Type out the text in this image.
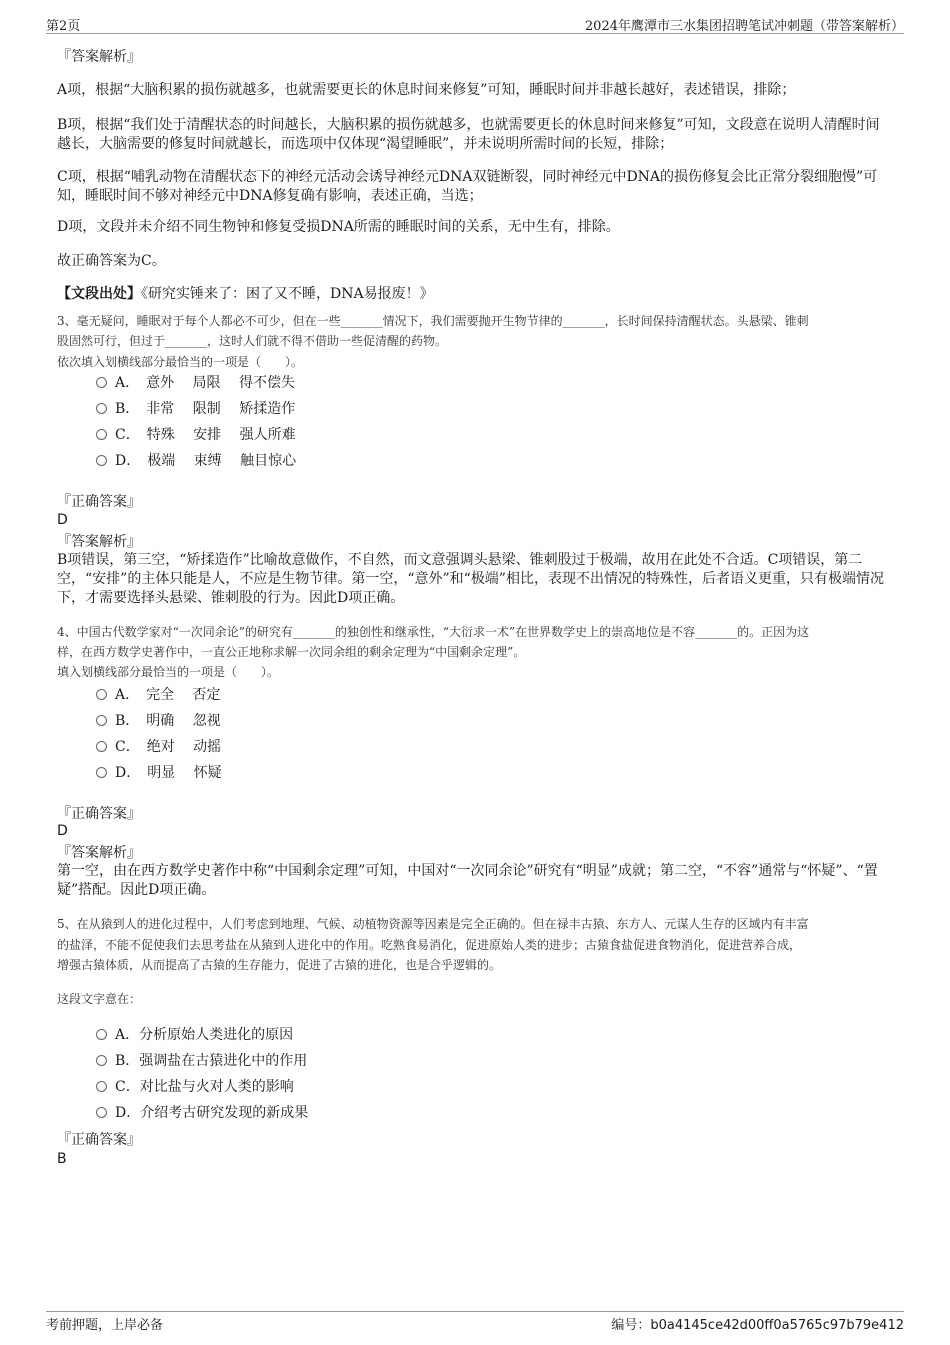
第2页	2024年鹰潭市三水集团招聘笔试冲刺题（带答案解析）
『答案解析』

A项，根据“大脑积累的损伤就越多，也就需要更长的休息时间来修复”可知，睡眠时间并非越长越好，表述错误，排除；

B项，根据“我们处于清醒状态的时间越长，大脑积累的损伤就越多，也就需要更长的休息时间来修复”可知，文段意在说明人清醒时间越长，大脑需要的修复时间就越长，而选项中仅体现“渴望睡眠”，并未说明所需时间的长短，排除；

C项，根据“哺乳动物在清醒状态下的神经元活动会诱导神经元DNA双链断裂，同时神经元中DNA的损伤修复会比正常分裂细胞慢”可知，睡眠时间不够对神经元中DNA修复确有影响，表述正确，当选；

D项，文段并未介绍不同生物钟和修复受损DNA所需的睡眠时间的关系，无中生有，排除。

故正确答案为C。

【文段出处】《研究实锤来了：困了又不睡，DNA易报废！》

3、毫无疑问，睡眠对于每个人都必不可少，但在一些_______情况下，我们需要抛开生物节律的_______，长时间保持清醒状态。头悬梁、锥刺

股固然可行，但过于_______，这时人们就不得不借助一些促清醒的药物。

依次填入划横线部分最恰当的一项是（　　）。

A．　意外　 局限　 得不偿失
B．　非常　 限制　 矫揉造作
C．　特殊　 安排　 强人所难
D．　极端　 束缚　 触目惊心
『正确答案』
D
『答案解析』

B项错误，第三空，“矫揉造作”比喻故意做作，不自然，而文意强调头悬梁、锥刺股过于极端，故用在此处不合适。C项错误，第二空，“安排”的主体只能是人，不应是生物节律。第一空，“意外”和“极端”相比，表现不出情况的特殊性，后者语义更重，只有极端情况下，才需要选择头悬梁、锥刺股的行为。因此D项正确。

4、中国古代数学家对“一次同余论”的研究有_______的独创性和继承性，“大衍求一术”在世界数学史上的崇高地位是不容_______的。正因为这

样，在西方数学史著作中，一直公正地称求解一次同余组的剩余定理为“中国剩余定理”。

填入划横线部分最恰当的一项是（　　）。

A．　完全　 否定
B．　明确　 忽视
C．　绝对　 动摇
D．　明显　 怀疑
『正确答案』
D
『答案解析』

第一空，由在西方数学史著作中称“中国剩余定理”可知，中国对“一次同余论”研究有“明显”成就；第二空，“不容”通常与“怀疑”、“置疑”搭配。因此D项正确。

5、在从猿到人的进化过程中，人们考虑到地理、气候、动植物资源等因素是完全正确的。但在禄丰古猿、东方人、元谋人生存的区域内有丰富

的盐泽，不能不促使我们去思考盐在从猿到人进化中的作用。吃熟食易消化，促进原始人类的进步；古猿食盐促进食物消化，促进营养合成，

增强古猿体质，从而提高了古猿的生存能力，促进了古猿的进化，也是合乎逻辑的。

这段文字意在：

A．分析原始人类进化的原因
B．强调盐在古猿进化中的作用
C．对比盐与火对人类的影响
D．介绍考古研究发现的新成果
『正确答案』
B
考前押题，上岸必备	编号：b0a4145ce42d00ff0a5765c97b79e412
